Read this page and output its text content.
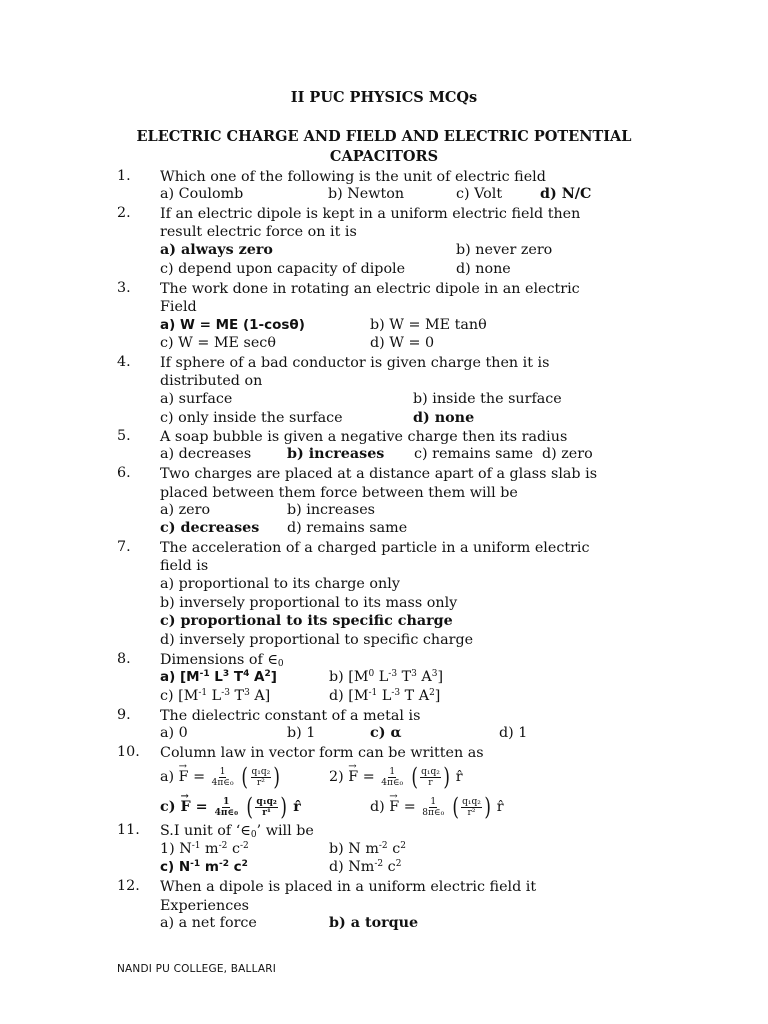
II PUC PHYSICS MCQs
ELECTRIC CHARGE AND FIELD AND ELECTRIC POTENTIAL
CAPACITORS
1. Which one of the following is the unit of electric field
a) Coulomb	b) Newton	c) Volt	d) N/C
2. If an electric dipole is kept in a uniform electric field then
result electric force on it is
a) always zero	b) never zero
c) depend upon capacity of dipole	d) none
3. The work done in rotating an electric dipole in an electric
Field
a) W = ME (1-cosθ)	b) W = ME tanθ
c) W = ME secθ	d) W = 0
4. If sphere of a bad conductor is given charge then it is
distributed on
a) surface	b) inside the surface
c) only inside the surface	d) none
5. A soap bubble is given a negative charge then its radius
a) decreases	b) increases c) remains same d) zero
6. Two charges are placed at a distance apart of a glass slab is
placed between them force between them will be
a) zero	b) increases
c) decreases d) remains same
7. The acceleration of a charged particle in a uniform electric
field is
a) proportional to its charge only
b) inversely proportional to its mass only
c) proportional to its specific charge
d) inversely proportional to specific charge
8. Dimensions of $\in_0$
a) [$M^{-1}$ $L^3$ $T^4$ $A^2$]	b) [$M^0$ $L^{-3}$ $T^3$ $A^3$]
c) [$M^{-1}$ $L^{-3}$ $T^3$ A]	d) [$M^{-1}$ $L^{-3}$ T $A^2$]
9. The dielectric constant of a metal is
a) 0	b) 1	c) α	d) 1
10. Column law in vector form can be written as
a)
→
$F = \frac{1}{\text{4π∈₀}}$
( $\frac{\text{q₁q₂}}{\text{r²}}$ )	2)
→
$F = \frac{1}{\text{4π∈₀}}$
( $\frac{\text{q₁q₂}}{r}$ ) r̂
c)
→
$F = \frac{1}{\text{4π∈₀}}$
( $\frac{\text{q₁q₂}}{\text{r¹}}$ ) r̂	d)
→
$F = \frac{1}{\text{8π∈₀}}$
( $\frac{\text{q₁q₂}}{\text{r²}}$ ) r̂
11. S.I unit of ‘$\in_0$’ will be
1) $N^{-1}$ $m^{-2}$ $c^{-2}$	b) N $m^{-2}$ $c^2$
c) $N^{-1}$ $m^{-2}$ $c^2$	d) $Nm^{-2}$ $c^2$
12. When a dipole is placed in a uniform electric field it
Experiences
a) a net force	b) a torque
NANDI PU COLLEGE, BALLARI
